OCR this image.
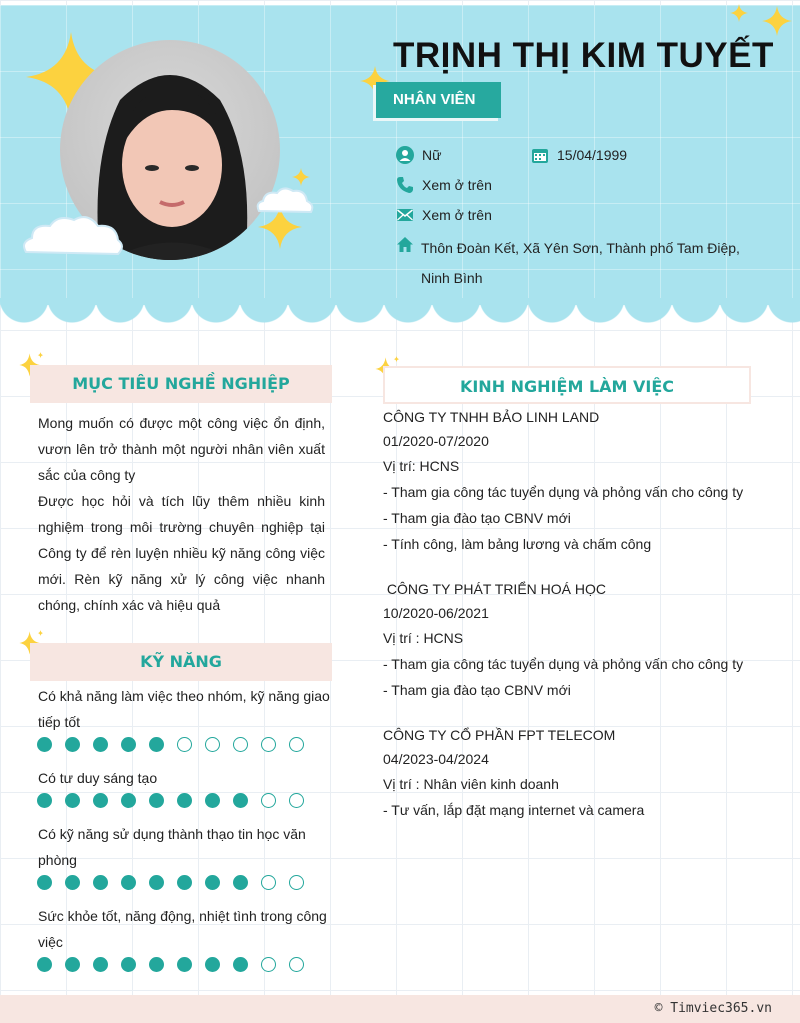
TRỊNH THỊ KIM TUYẾT
NHÂN VIÊN
Nữ	15/04/1999
Xem ở trên
Xem ở trên
Thôn Đoàn Kết, Xã Yên Sơn, Thành phố Tam Điệp, Ninh Bình
MỤC TIÊU NGHỀ NGHIỆP
Mong muốn có được một công việc ổn định, vươn lên trở thành một người nhân viên xuất sắc của công ty
Được học hỏi và tích lũy thêm nhiều kinh nghiệm trong môi trường chuyên nghiệp tại Công ty để rèn luyện nhiều kỹ năng công việc mới. Rèn kỹ năng xử lý công việc nhanh chóng, chính xác và hiệu quả
KỸ NĂNG
Có khả năng làm việc theo nhóm, kỹ năng giao tiếp tốt
Có tư duy sáng tạo
Có kỹ năng sử dụng thành thạo tin học văn phòng
Sức khỏe tốt, năng động, nhiệt tình trong công việc
KINH NGHIỆM LÀM VIỆC
CÔNG TY TNHH BẢO LINH LAND
01/2020-07/2020
Vị trí: HCNS
- Tham gia công tác tuyển dụng và phỏng vấn cho công ty
- Tham gia đào tạo CBNV mới
- Tính công, làm bảng lương và chấm công
CÔNG TY PHÁT TRIỂN HOÁ HỌC
10/2020-06/2021
Vị trí : HCNS
- Tham gia công tác tuyển dụng và phỏng vấn cho công ty
- Tham gia đào tạo CBNV mới
CÔNG TY CỔ PHẦN FPT TELECOM
04/2023-04/2024
Vị trí : Nhân viên kinh doanh
- Tư vấn, lắp đặt mạng internet và camera
© Timviec365.vn
